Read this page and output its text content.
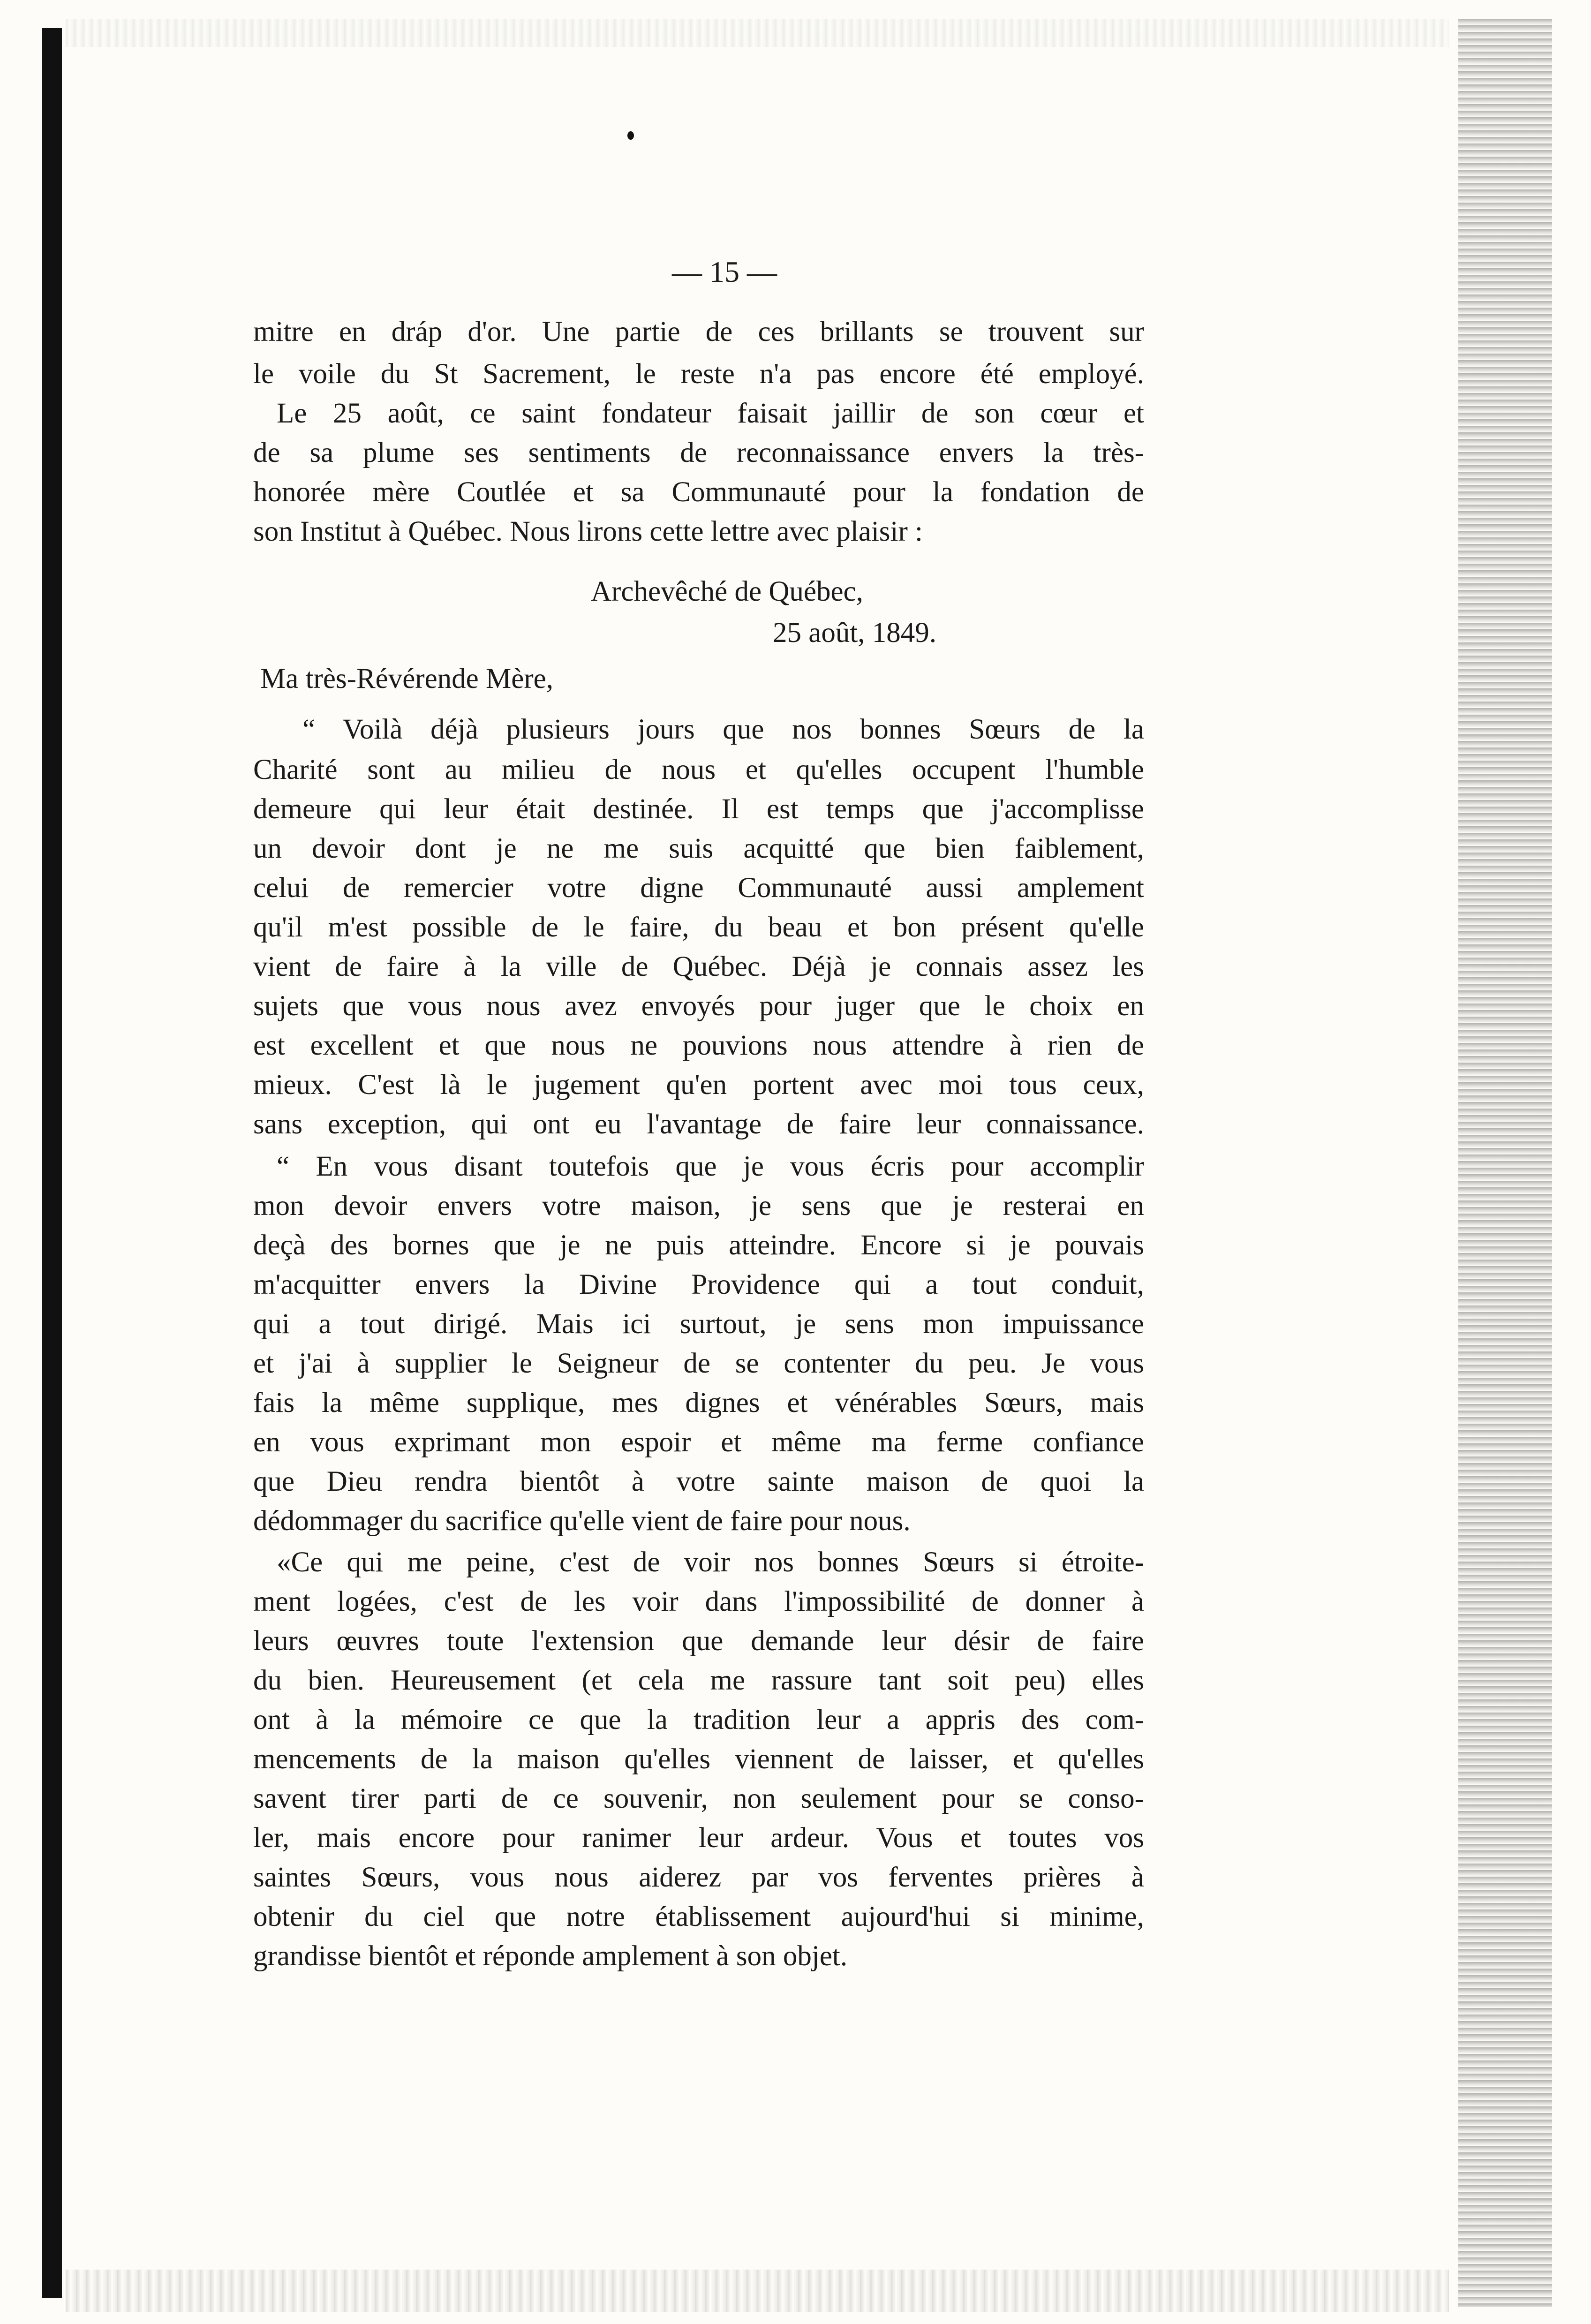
— 15 —
mitre en dráp d'or. Une partie de ces brillants se trouvent sur
le voile du St Sacrement, le reste n'a pas encore été employé.
Le 25 août, ce saint fondateur faisait jaillir de son cœur et
de sa plume ses sentiments de reconnaissance envers la très-
honorée mère Coutlée et sa Communauté pour la fondation de
son Institut à Québec. Nous lirons cette lettre avec plaisir :
Archevêché de Québec,
25 août, 1849.
Ma très-Révérende Mère,
“ Voilà déjà plusieurs jours que nos bonnes Sœurs de la
Charité sont au milieu de nous et qu'elles occupent l'humble
demeure qui leur était destinée. Il est temps que j'accomplisse
un devoir dont je ne me suis acquitté que bien faiblement,
celui de remercier votre digne Communauté aussi amplement
qu'il m'est possible de le faire, du beau et bon présent qu'elle
vient de faire à la ville de Québec. Déjà je connais assez les
sujets que vous nous avez envoyés pour juger que le choix en
est excellent et que nous ne pouvions nous attendre à rien de
mieux. C'est là le jugement qu'en portent avec moi tous ceux,
sans exception, qui ont eu l'avantage de faire leur connaissance.
“ En vous disant toutefois que je vous écris pour accomplir
mon devoir envers votre maison, je sens que je resterai en
deçà des bornes que je ne puis atteindre. Encore si je pouvais
m'acquitter envers la Divine Providence qui a tout conduit,
qui a tout dirigé. Mais ici surtout, je sens mon impuissance
et j'ai à supplier le Seigneur de se contenter du peu. Je vous
fais la même supplique, mes dignes et vénérables Sœurs, mais
en vous exprimant mon espoir et même ma ferme confiance
que Dieu rendra bientôt à votre sainte maison de quoi la
dédommager du sacrifice qu'elle vient de faire pour nous.
«Ce qui me peine, c'est de voir nos bonnes Sœurs si étroite-
ment logées, c'est de les voir dans l'impossibilité de donner à
leurs œuvres toute l'extension que demande leur désir de faire
du bien. Heureusement (et cela me rassure tant soit peu) elles
ont à la mémoire ce que la tradition leur a appris des com-
mencements de la maison qu'elles viennent de laisser, et qu'elles
savent tirer parti de ce souvenir, non seulement pour se conso-
ler, mais encore pour ranimer leur ardeur. Vous et toutes vos
saintes Sœurs, vous nous aiderez par vos ferventes prières à
obtenir du ciel que notre établissement aujourd'hui si minime,
grandisse bientôt et réponde amplement à son objet.
